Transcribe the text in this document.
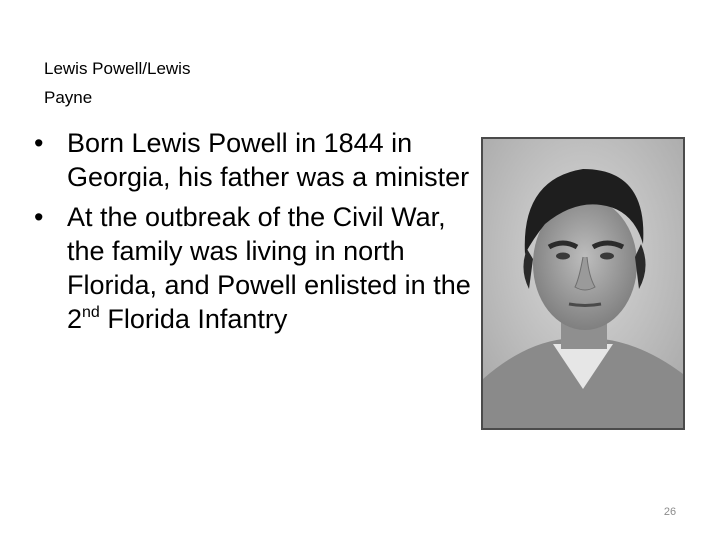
Lewis Powell/Lewis
Payne
• Born Lewis Powell in 1844 in Georgia, his father was a minister
• At the outbreak of the Civil War, the family was living in north Florida, and Powell enlisted in the 2nd Florida Infantry
26
